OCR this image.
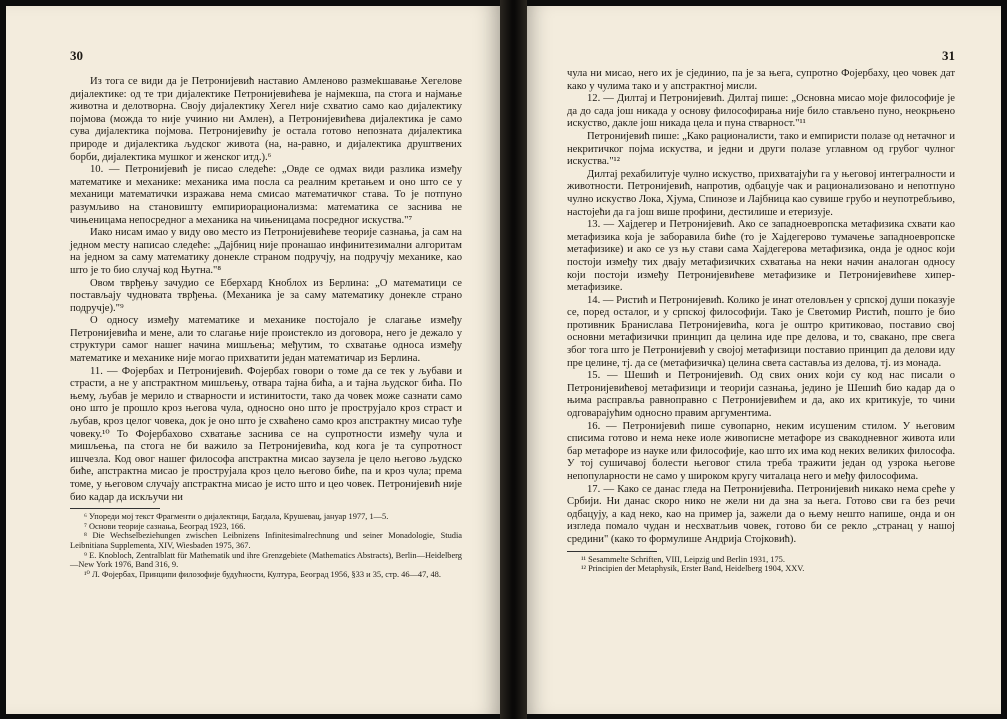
30

Из тога се види да је Петронијевић наставио Амленово размеkшавање Хегелове дијалектике: од те три дијалектике Петронијевићева је најмекша, па стога и најмање животна и делотворна. Своју дијалектику Хегел није схватио само као дијалектику појмова (можда то није учинио ни Амлен), а Петронијевићева дијалектика је само сува дијалектика појмова. Петронијевићу је остала готово непозната дијалектика природе и дијалектика људског живота (на, на-равно, и дијалектика друштвених борби, дијалектика мушког и женског итд.).⁶

10. — Петронијевић је писао следеће: „Овде се одмах види разлика између математике и механике: механика има посла са реалним кретањем и оно што се у механици математички изражава нема смисао математичког става. То је потпуно разумљиво на становишту емпириорационализма: математика се заснива не чињеницама непосредног а механика на чињеницама посредног искуства."⁷

Иако нисам имао у виду ово место из Петронијевићеве теорије сазнања, ја сам на једном месту написао следеће: „Дајбниц није пронашао инфинитезимални алгоритам на једном за саму математику донекле страном подручју, на подручју механике, као што је то био случај код Њутна."⁸

Овом тврђењу зачудио се Еберхард Кноблох из Берлина: „О математици се постављају чудновата тврђења. (Механика је за саму математику донекле страно подручје)."⁹

О односу између математике и механике постојало је слагање између Петронијевића и мене, али то слагање није проистекло из договора, него је дежало у структури самог нашег начина мишљења; међутим, то схватање односа између математике и механике није могао прихватити један математичар из Берлина.

11. — Фојербах и Петронијевић. Фојербах говори о томе да се тек у љубави и страсти, а не у апстрактном мишљењу, отвара тајна бића, а и тајна људског бића. По њему, љубав је мерило и стварности и истинитости, тако да човек може сазнати само оно што је прошло кроз његова чула, односно оно што је прострујало кроз страст и љубав, кроз целог човека, док је оно што је схваћено само кроз апстрактну мисао туђе човеку.¹⁰ То Фојербахово схватање заснива се на супротности између чула и мишљења, па стога не би важило за Петронијевића, код кога је та супротност ишчезла. Код овог нашег философа апстрактна мисао заузела је цело његово људско биће, апстрактна мисао је прострујала кроз цело његово биће, па и кроз чула; према томе, у његовом случају апстрактна мисао је исто што и цео човек. Петронијевић није био кадар да искључи ни

⁶ Упореди мој текст Фрагменти о дијалектици, Багдала, Крушевац, јануар 1977, 1—5.

⁷ Основи теорије сазнања, Београд 1923, 166.

⁸ Die Wechselbeziehungen zwischen Leibnizens Infinitesimalrechnung und seiner Monadologie, Studia Leibnitiana Supplementa, XIV, Wiesbaden 1975, 367.

⁹ E. Knobloch, Zentralblatt für Mathematik und ihre Grenzgebiete (Mathematics Abstracts), Berlin—Heidelberg—New York 1976, Band 316, 9.

¹⁰ Л. Фојербах, Принципи филозофије будућности, Култура, Београд 1956, §33 и 35, стр. 46—47, 48.

31

чула ни мисао, него их је сјединио, па је за њега, супротно Фојербаху, цео човек дат како у чулима тако и у апстрактној мисли.

12. — Дилтај и Петронијевић. Дилтај пише: „Основна мисао моје философије је да до сада још никада у основу философирања није било стављено пуно, неокрњено искуство, дакле још никада цела и пуна стварност."¹¹

Петронијевић пише: „Како рационалисти, тако и емпиристи полазе од нетачног и некритичког појма искуства, и једни и други полазе углавном од грубог чулног искуства."¹²

Дилтај рехабилитује чулно искуство, прихватајући га у његовој интегралности и животности. Петронијевић, напротив, одбацује чак и рационализовано и непотпуно чулно искуство Лока, Хјума, Спинозе и Лајбница као сувише грубо и неупотребљиво, настојећи да га још више профини, дестилише и етеризује.

13. — Хајдегер и Петронијевић. Ако се западноевропска метафизика схвати као метафизика која је заборавила биће (то је Хајдегерово тумачење западноевропске метафизике) и ако се уз њу стави сама Хајдегерова метафизика, онда је однос који постоји између тих двају метафизичких схватања на неки начин аналоган односу који постоји између Петронијевићеве метафизике и Петронијевићеве хипер-метафизике.

14. — Ристић и Петронијевић. Колико је инат отеловљен у српској души показује се, поред осталог, и у српској философији. Тако је Светомир Ристић, пошто је био противник Бранислава Петронијевића, кога је оштро критиковао, поставио свој основни метафизички принцип да целина иде пре делова, и то, сваканo, пре свега због тога што је Петронијевић у својој метафизици поставио принцип да делови иду пре целине, тј. да се (метафизичка) целина света састављa из делова, тј. из монада.

15. — Шешић и Петронијевић. Од свих оних који су код нас писали о Петронијевићевој метафизици и теорији сазнања, једино је Шешић био кадар да о њима расправља равноправно с Петронијевићем и да, ако их критикује, то чини одговарајућим односно правим аргументима.

16. — Петронијевић пише сувопарно, неким исушеним стилом. У његовим списима готово и нема неке иоле живописне метафоре из свакодневног живота или бар метафоре из науке или философије, као што их има код неких великих философа. У тој сушичавој болести његовог стила треба тражити један од узрока његове непопуларности не само у широком кругу читалаца него и међу философима.

17. — Како се данас гледа на Петронијевића. Петронијевић никако нема среће у Србији. Ни данас скоро нико не жели ни да зна за њега. Готово сви га без речи одбацују, а кад неко, као на пример ја, зажели да о њему нешто напише, онда и он изгледа помало чудан и несхватљив човек, готово би се рекло „странац у нашој средини" (како то формулише Андрија Стојковић).

¹¹ Sesammelte Schriften, VIII, Leipzig und Berlin 1931, 175.

¹² Principien der Metaphysik, Erster Band, Heidelberg 1904, XXV.
